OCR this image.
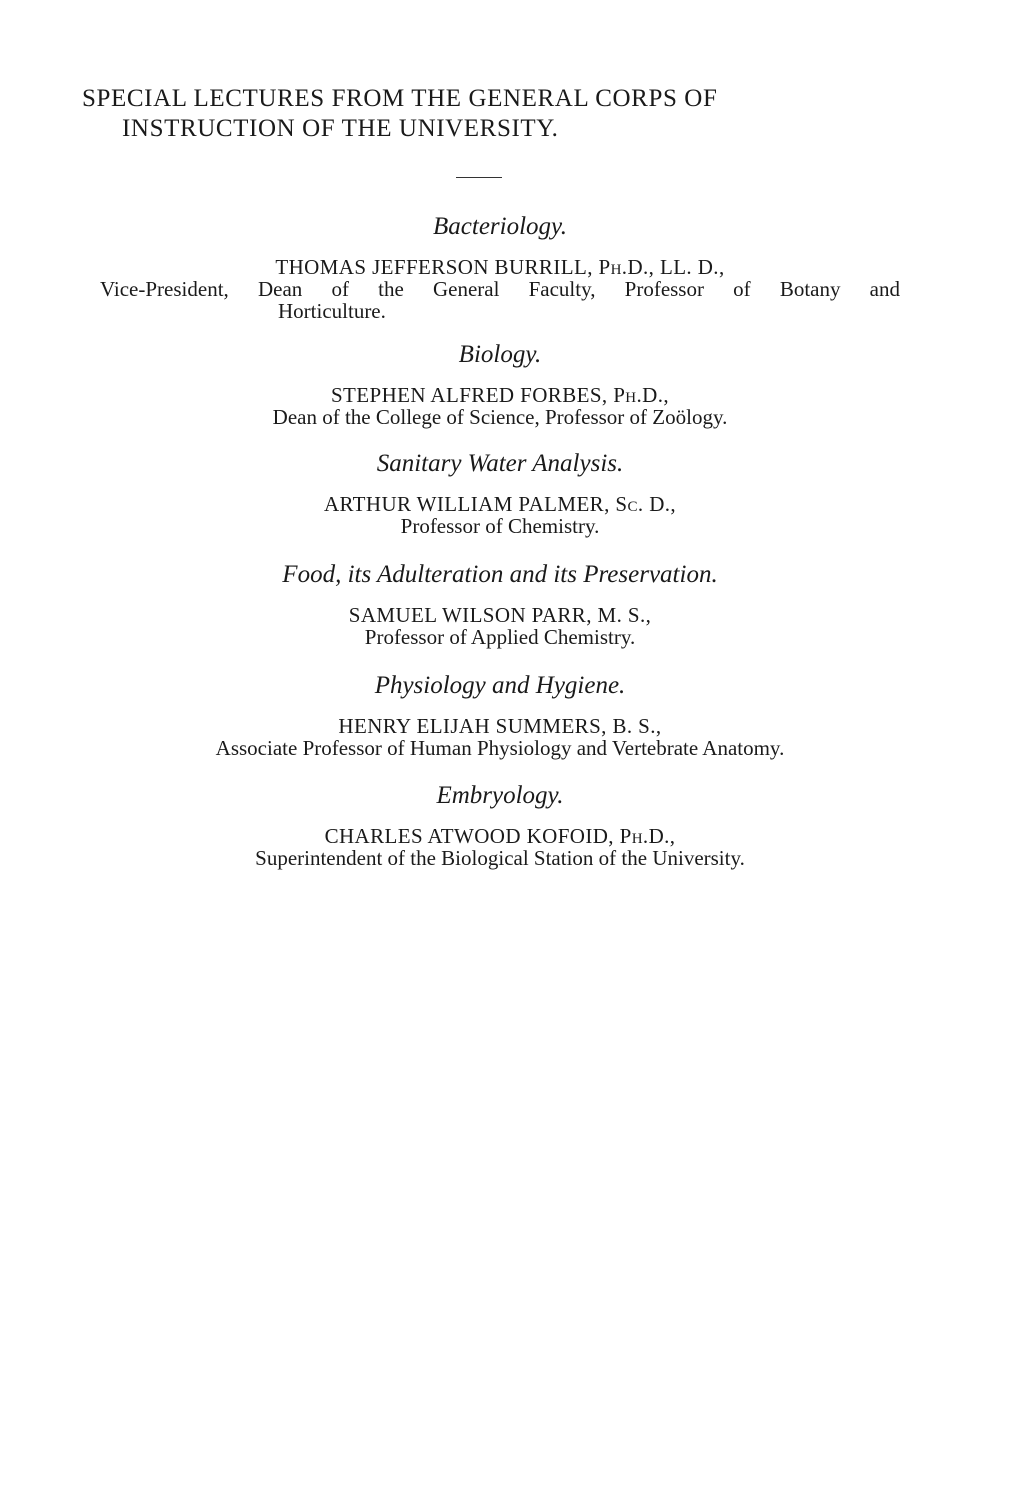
SPECIAL LECTURES FROM THE GENERAL CORPS OF
INSTRUCTION OF THE UNIVERSITY.
Bacteriology.
THOMAS JEFFERSON BURRILL, Ph.D., LL. D.,
Vice-President, Dean of the General Faculty, Professor of Botany and
Horticulture.
Biology.
STEPHEN ALFRED FORBES, Ph.D.,
Dean of the College of Science, Professor of Zoölogy.
Sanitary Water Analysis.
ARTHUR WILLIAM PALMER, Sc. D.,
Professor of Chemistry.
Food, its Adulteration and its Preservation.
SAMUEL WILSON PARR, M. S.,
Professor of Applied Chemistry.
Physiology and Hygiene.
HENRY ELIJAH SUMMERS, B. S.,
Associate Professor of Human Physiology and Vertebrate Anatomy.
Embryology.
CHARLES ATWOOD KOFOID, Ph.D.,
Superintendent of the Biological Station of the University.
